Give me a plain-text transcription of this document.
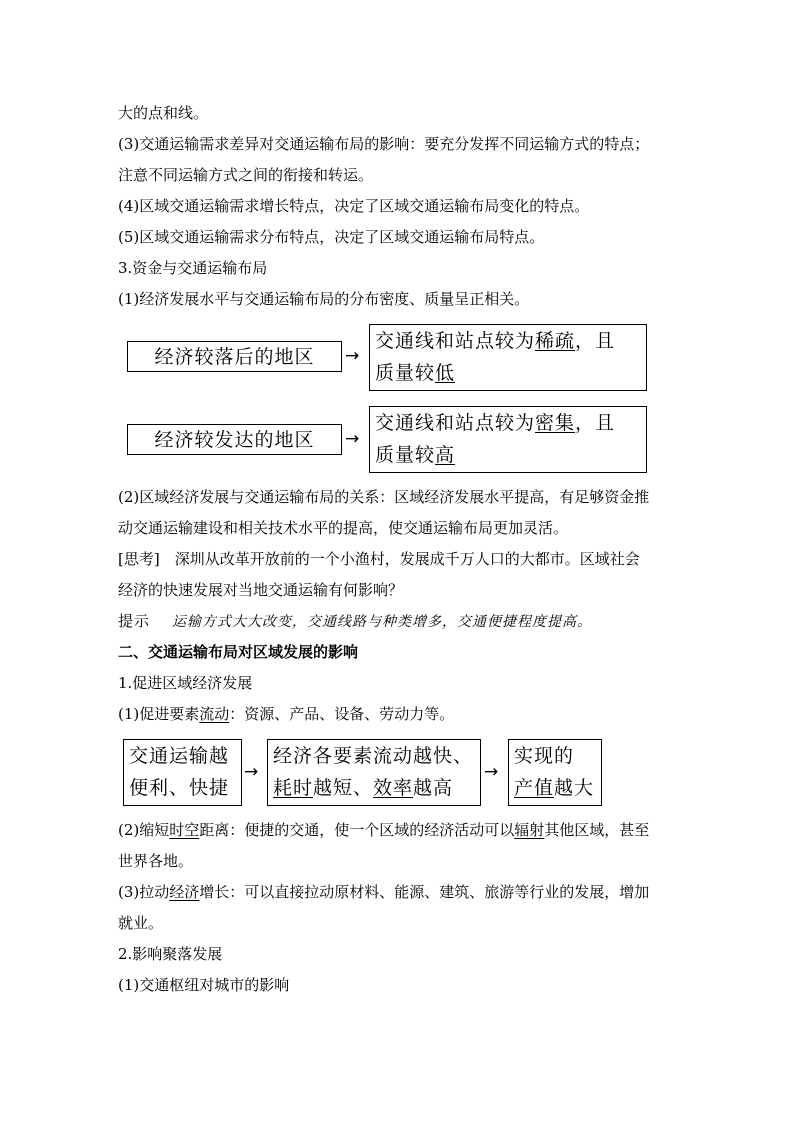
大的点和线。
(3)交通运输需求差异对交通运输布局的影响：要充分发挥不同运输方式的特点；
注意不同运输方式之间的衔接和转运。
(4)区域交通运输需求增长特点，决定了区域交通运输布局变化的特点。
(5)区域交通运输需求分布特点，决定了区域交通运输布局特点。
3.资金与交通运输布局
(1)经济发展水平与交通运输布局的分布密度、质量呈正相关。
经济较落后的地区 →
交通线和站点较为稀疏，且
质量较低
经济较发达的地区 →
交通线和站点较为密集，且
质量较高
(2)区域经济发展与交通运输布局的关系：区域经济发展水平提高，有足够资金推
动交通运输建设和相关技术水平的提高，使交通运输布局更加灵活。
[思考]　深圳从改革开放前的一个小渔村，发展成千万人口的大都市。区域社会
经济的快速发展对当地交通运输有何影响？
提示 运输方式大大改变，交通线路与种类增多，交通便捷程度提高。
二、交通运输布局对区域发展的影响
1.促进区域经济发展
(1)促进要素流动：资源、产品、设备、劳动力等。
交通运输越
便利、快捷
→
经济各要素流动越快、
耗时越短、效率越高
→
实现的
产值越大
(2)缩短时空距离：便捷的交通，使一个区域的经济活动可以辐射其他区域，甚至
世界各地。
(3)拉动经济增长：可以直接拉动原材料、能源、建筑、旅游等行业的发展，增加
就业。
2.影响聚落发展
(1)交通枢纽对城市的影响
